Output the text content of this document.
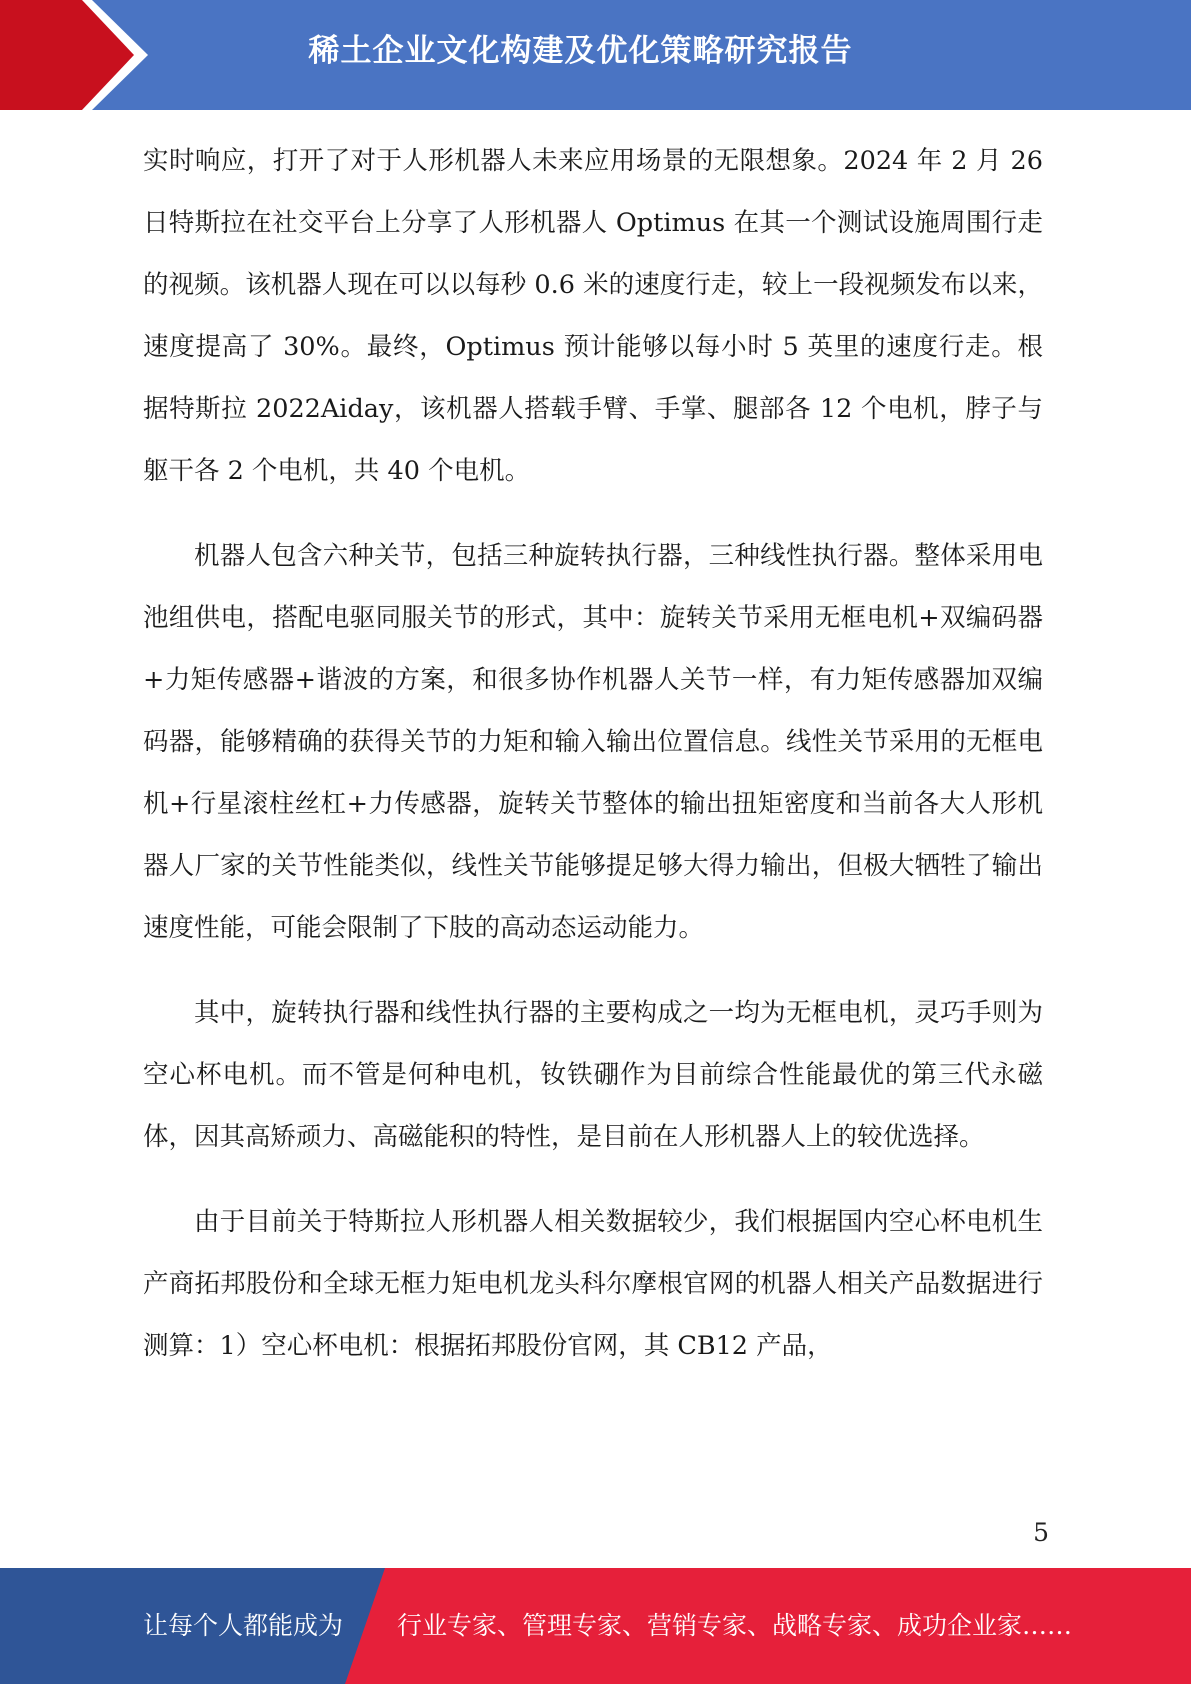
稀土企业文化构建及优化策略研究报告

实时响应，打开了对于人形机器人未来应用场景的无限想象。2024 年 2 月 26 日特斯拉在社交平台上分享了人形机器人 Optimus 在其一个测试设施周围行走的视频。该机器人现在可以以每秒 0.6 米的速度行走，较上一段视频发布以来，速度提高了 30%。最终，Optimus 预计能够以每小时 5 英里的速度行走。根据特斯拉 2022Aiday，该机器人搭载手臂、手掌、腿部各 12 个电机，脖子与躯干各 2 个电机，共 40 个电机。

机器人包含六种关节，包括三种旋转执行器，三种线性执行器。整体采用电池组供电，搭配电驱同服关节的形式，其中：旋转关节采用无框电机+双编码器+力矩传感器+谐波的方案，和很多协作机器人关节一样，有力矩传感器加双编码器，能够精确的获得关节的力矩和输入输出位置信息。线性关节采用的无框电机+行星滚柱丝杠+力传感器，旋转关节整体的输出扭矩密度和当前各大人形机器人厂家的关节性能类似，线性关节能够提足够大得力输出，但极大牺牲了输出速度性能，可能会限制了下肢的高动态运动能力。

其中，旋转执行器和线性执行器的主要构成之一均为无框电机，灵巧手则为空心杯电机。而不管是何种电机，钕铁硼作为目前综合性能最优的第三代永磁体，因其高矫顽力、高磁能积的特性，是目前在人形机器人上的较优选择。

由于目前关于特斯拉人形机器人相关数据较少，我们根据国内空心杯电机生产商拓邦股份和全球无框力矩电机龙头科尔摩根官网的机器人相关产品数据进行测算：1）空心杯电机：根据拓邦股份官网，其 CB12 产品，

5
让每个人都能成为 行业专家、管理专家、营销专家、战略专家、成功企业家……
